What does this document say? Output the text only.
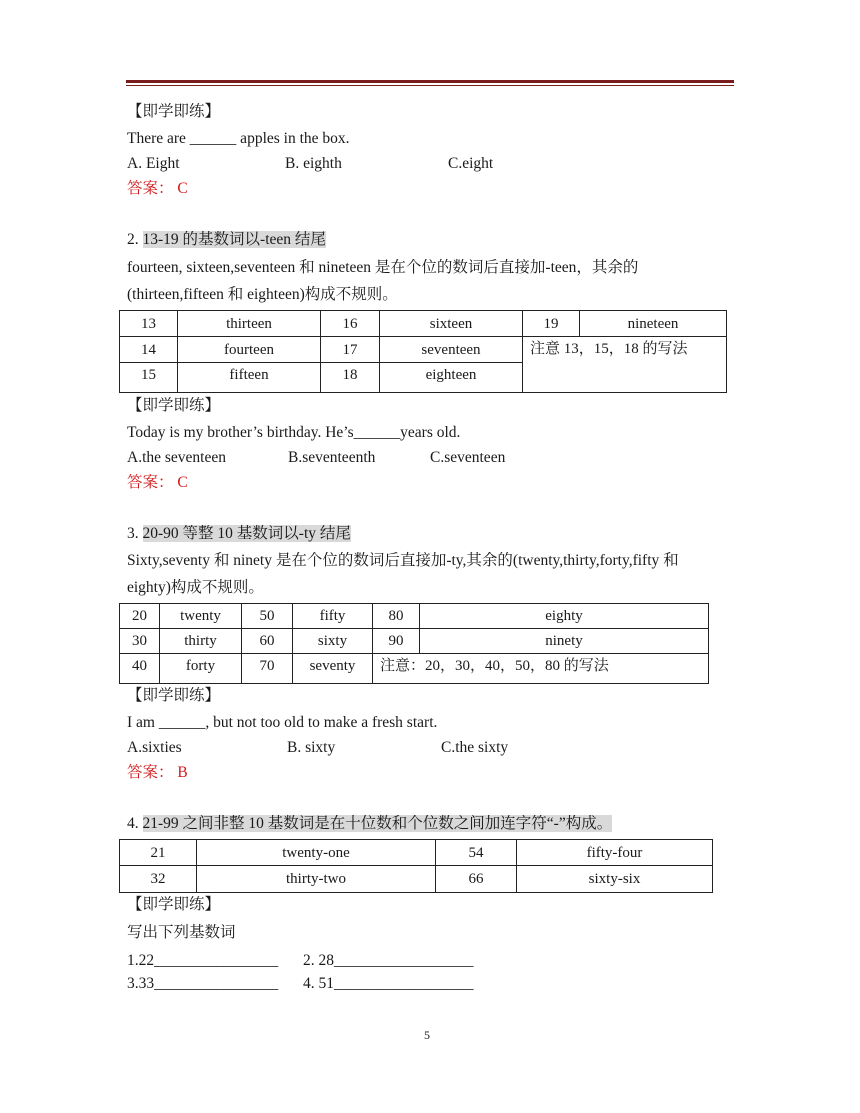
【即学即练】
There are ______ apples in the box.
A. Eight	B. eighth	C.eight
答案： C
2. 13-19 的基数词以-teen 结尾
fourteen, sixteen,seventeen 和 nineteen 是在个位的数词后直接加-teen，其余的
(thirteen,fifteen 和 eighteen)构成不规则。
13	thirteen	16	sixteen	19	nineteen
14	fourteen	17	seventeen	注意 13，15，18 的写法	
15	fifteen	18	eighteen		
【即学即练】
Today is my brother’s birthday. He’s______years old.
A.the seventeen	B.seventeenth	C.seventeen
答案： C
3. 20-90 等整 10 基数词以-ty 结尾
Sixty,seventy 和 ninety 是在个位的数词后直接加-ty,其余的(twenty,thirty,forty,fifty 和
eighty)构成不规则。
20	twenty	50	fifty	80	eighty
30	thirty	60	sixty	90	ninety
40	forty	70	seventy	注意：20，30，40，50，80 的写法	
【即学即练】
I am ______, but not too old to make a fresh start.
A.sixties	B. sixty	C.the sixty
答案： B
4. 21-99 之间非整 10 基数词是在十位数和个位数之间加连字符“-”构成。
21	twenty-one	54	fifty-four
32	thirty-two	66	sixty-six
【即学即练】
写出下列基数词
1.22________________ 2. 28__________________
3.33________________ 4. 51__________________
5
